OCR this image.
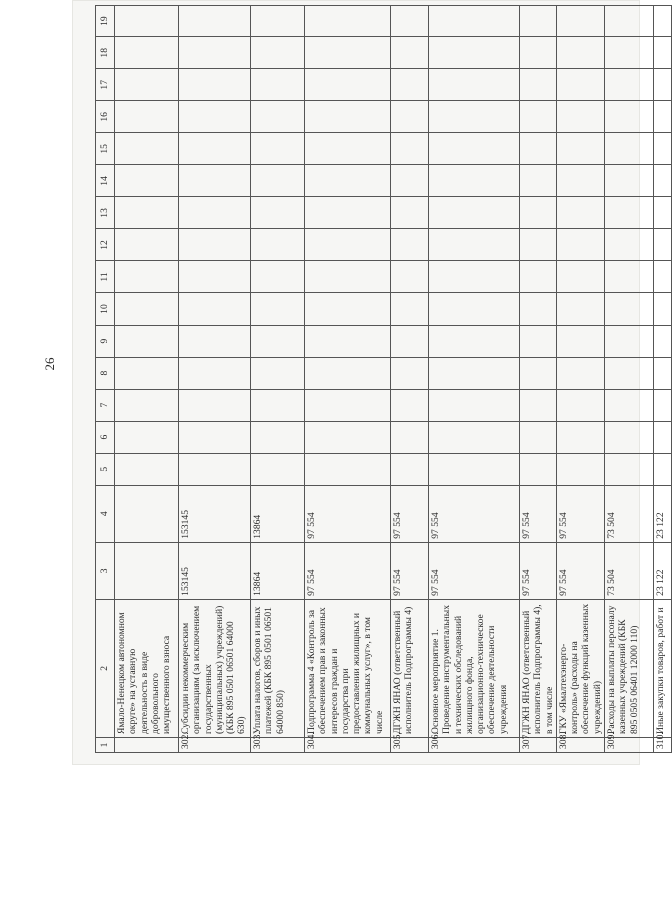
26
1	2	3	4	5	6	7	8	9	10	11	12	13	14	15	16	17	18	19
	Ямало-Ненецком автономном округе» на уставную деятельность в виде добровольного имущественного взноса																	
302.	Субсидии некоммерческим организациям (за исключением государственных (муниципальных) учреждений) (КБК 895 0501 06501 64000 630)	153145	153145															
303.	Уплата налогов, сборов и иных платежей (КБК 895 0501 06501 64000 850)	13864	13864															
304.	Подпрограмма 4 «Контроль за обеспечением прав и законных интересов граждан и государства при предоставлении жилищных и коммунальных услуг», в том числе	97 554	97 554															
305.	ДГЖН ЯНАО (ответственный исполнитель Подпрограммы 4)	97 554	97 554															
306.	Основное мероприятие 1. Проведение инструментальных и технических обследований жилищного фонда, организационно-техническое обеспечение деятельности учреждения	97 554	97 554															
307.	ДГЖН ЯНАО (ответственный исполнитель Подпрограммы 4), в том числе	97 554	97 554															
308.	ГКУ «Ямалтехэнерго-контроль» (расходы на обеспечение функций казенных учреждений)	97 554	97 554															
309.	Расходы на выплаты персоналу казенных учреждений (КБК 895 0505 06401 12000 110)	73 504	73 504															
310.	Иные закупки товаров, работ и	23 122	23 122															
